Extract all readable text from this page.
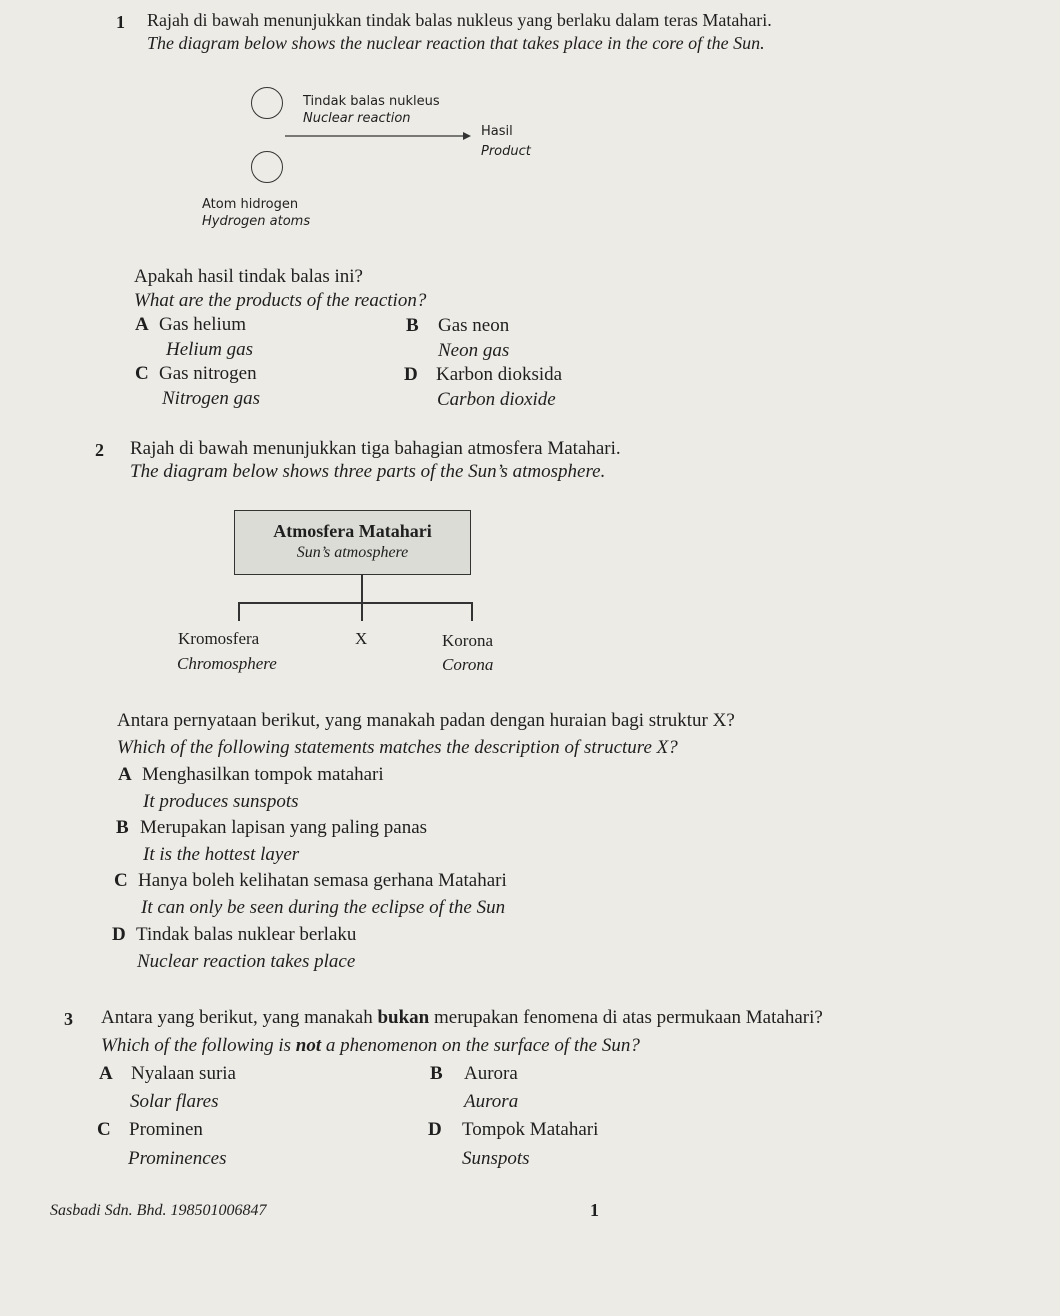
1 Rajah di bawah menunjukkan tindak balas nukleus yang berlaku dalam teras Matahari.
The diagram below shows the nuclear reaction that takes place in the core of the Sun.
Tindak balas nukleus
Nuclear reaction
Hasil
Product
Atom hidrogen
Hydrogen atoms
Apakah hasil tindak balas ini?
What are the products of the reaction?
A Gas helium
Helium gas
B Gas neon
Neon gas
C Gas nitrogen
Nitrogen gas
D Karbon dioksida
Carbon dioxide
2 Rajah di bawah menunjukkan tiga bahagian atmosfera Matahari.
The diagram below shows three parts of the Sun’s atmosphere.
Atmosfera Matahari
Sun’s atmosphere
Kromosfera
Chromosphere
X	Korona
Corona
Antara pernyataan berikut, yang manakah padan dengan huraian bagi struktur X?
Which of the following statements matches the description of structure X?
A Menghasilkan tompok matahari
It produces sunspots
B Merupakan lapisan yang paling panas
It is the hottest layer
C Hanya boleh kelihatan semasa gerhana Matahari
It can only be seen during the eclipse of the Sun
D Tindak balas nuklear berlaku
Nuclear reaction takes place
3 Antara yang berikut, yang manakah bukan merupakan fenomena di atas permukaan Matahari?
Which of the following is not a phenomenon on the surface of the Sun?
A Nyalaan suria
Solar flares
B Aurora
Aurora
C Prominen
Prominences
D Tompok Matahari
Sunspots
Sasbadi Sdn. Bhd. 198501006847	1
